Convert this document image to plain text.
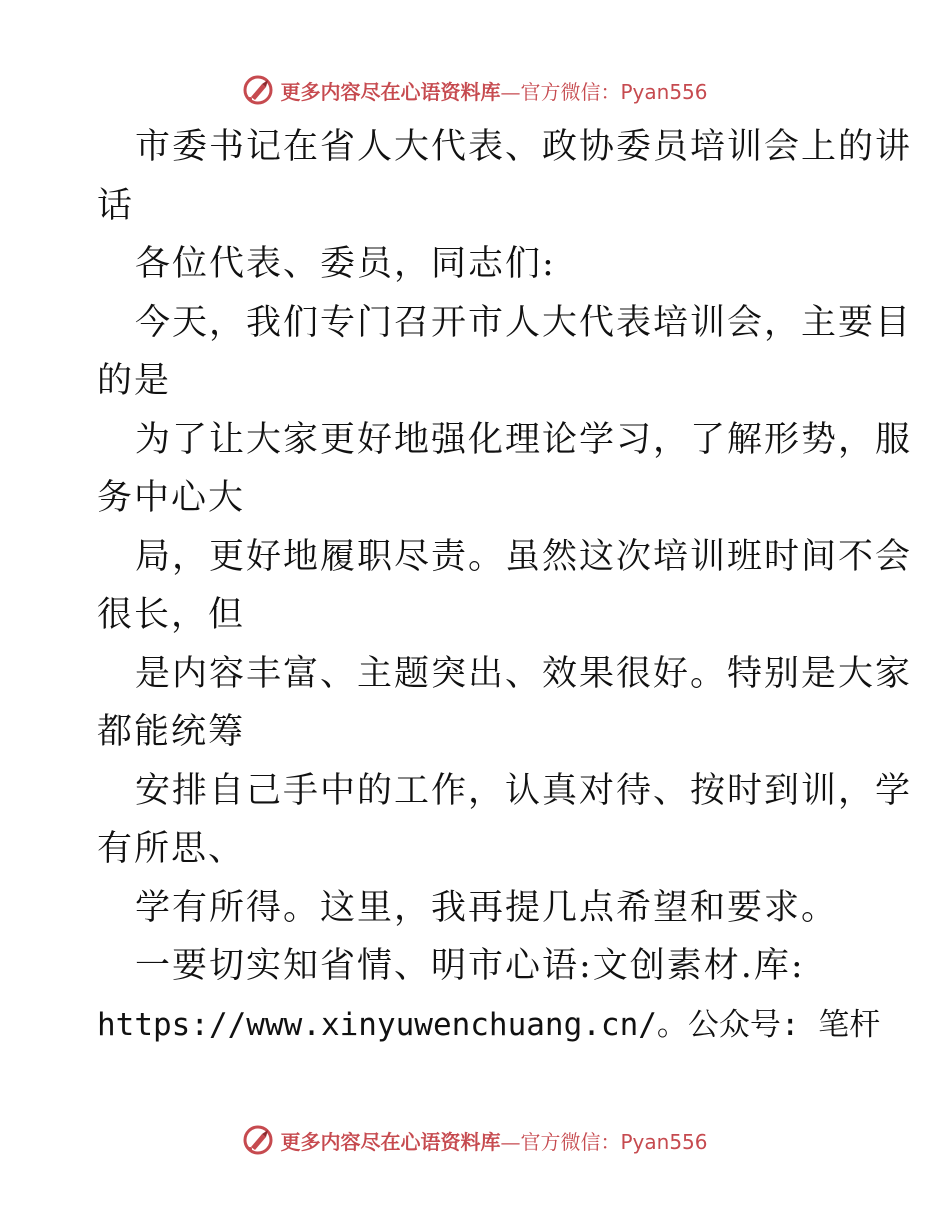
更多内容尽在心语资料库—官方微信：Pyan556
市委书记在省人大代表、政协委员培训会上的讲
话
各位代表、委员，同志们:
今天，我们专门召开市人大代表培训会，主要目
的是
为了让大家更好地强化理论学习，了解形势，服
务中心大
局，更好地履职尽责。虽然这次培训班时间不会
很长，但
是内容丰富、主题突出、效果很好。特别是大家
都能统筹
安排自己手中的工作，认真对待、按时到训，学
有所思、
学有所得。这里，我再提几点希望和要求。
一要切实知省情、明市心语:文创素材.库:
https://www.xinyuwenchuang.cn/。公众号: 笔杆
更多内容尽在心语资料库—官方微信：Pyan556
